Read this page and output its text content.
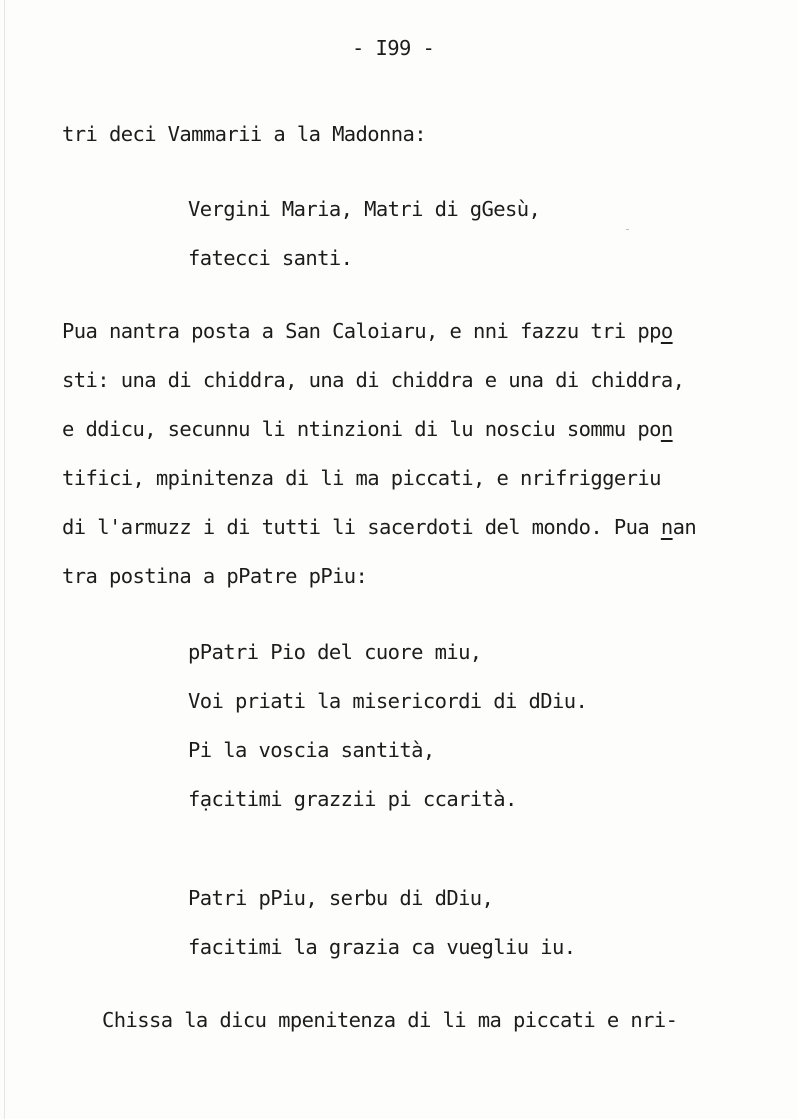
- I99 -
tri deci Vammarii a la Madonna:
Vergini Maria, Matri di gGesù,
fatecci santi.
Pua nantra posta a San Caloiaru, e nni fazzu tri ppo
sti: una di chiddra, una di chiddra e una di chiddra,
e ddicu, secunnu li ntinzioni di lu nosciu sommu pon
tifici, mpinitenza di li ma piccati, e nrifriggeriu
di l'armuzz i di tutti li sacerdoti del mondo. Pua nan
tra postina a pPatre pPiu:
pPatri Pio del cuore miu,
Voi priati la misericordi di dDiu.
Pi la voscia santità,
fạcitimi grazzii pi ccarità.
Patri pPiu, serbu di dDiu,
facitimi la grazia ca vuegliu iu.
Chissa la dicu mpenitenza di li ma piccati e nri-
